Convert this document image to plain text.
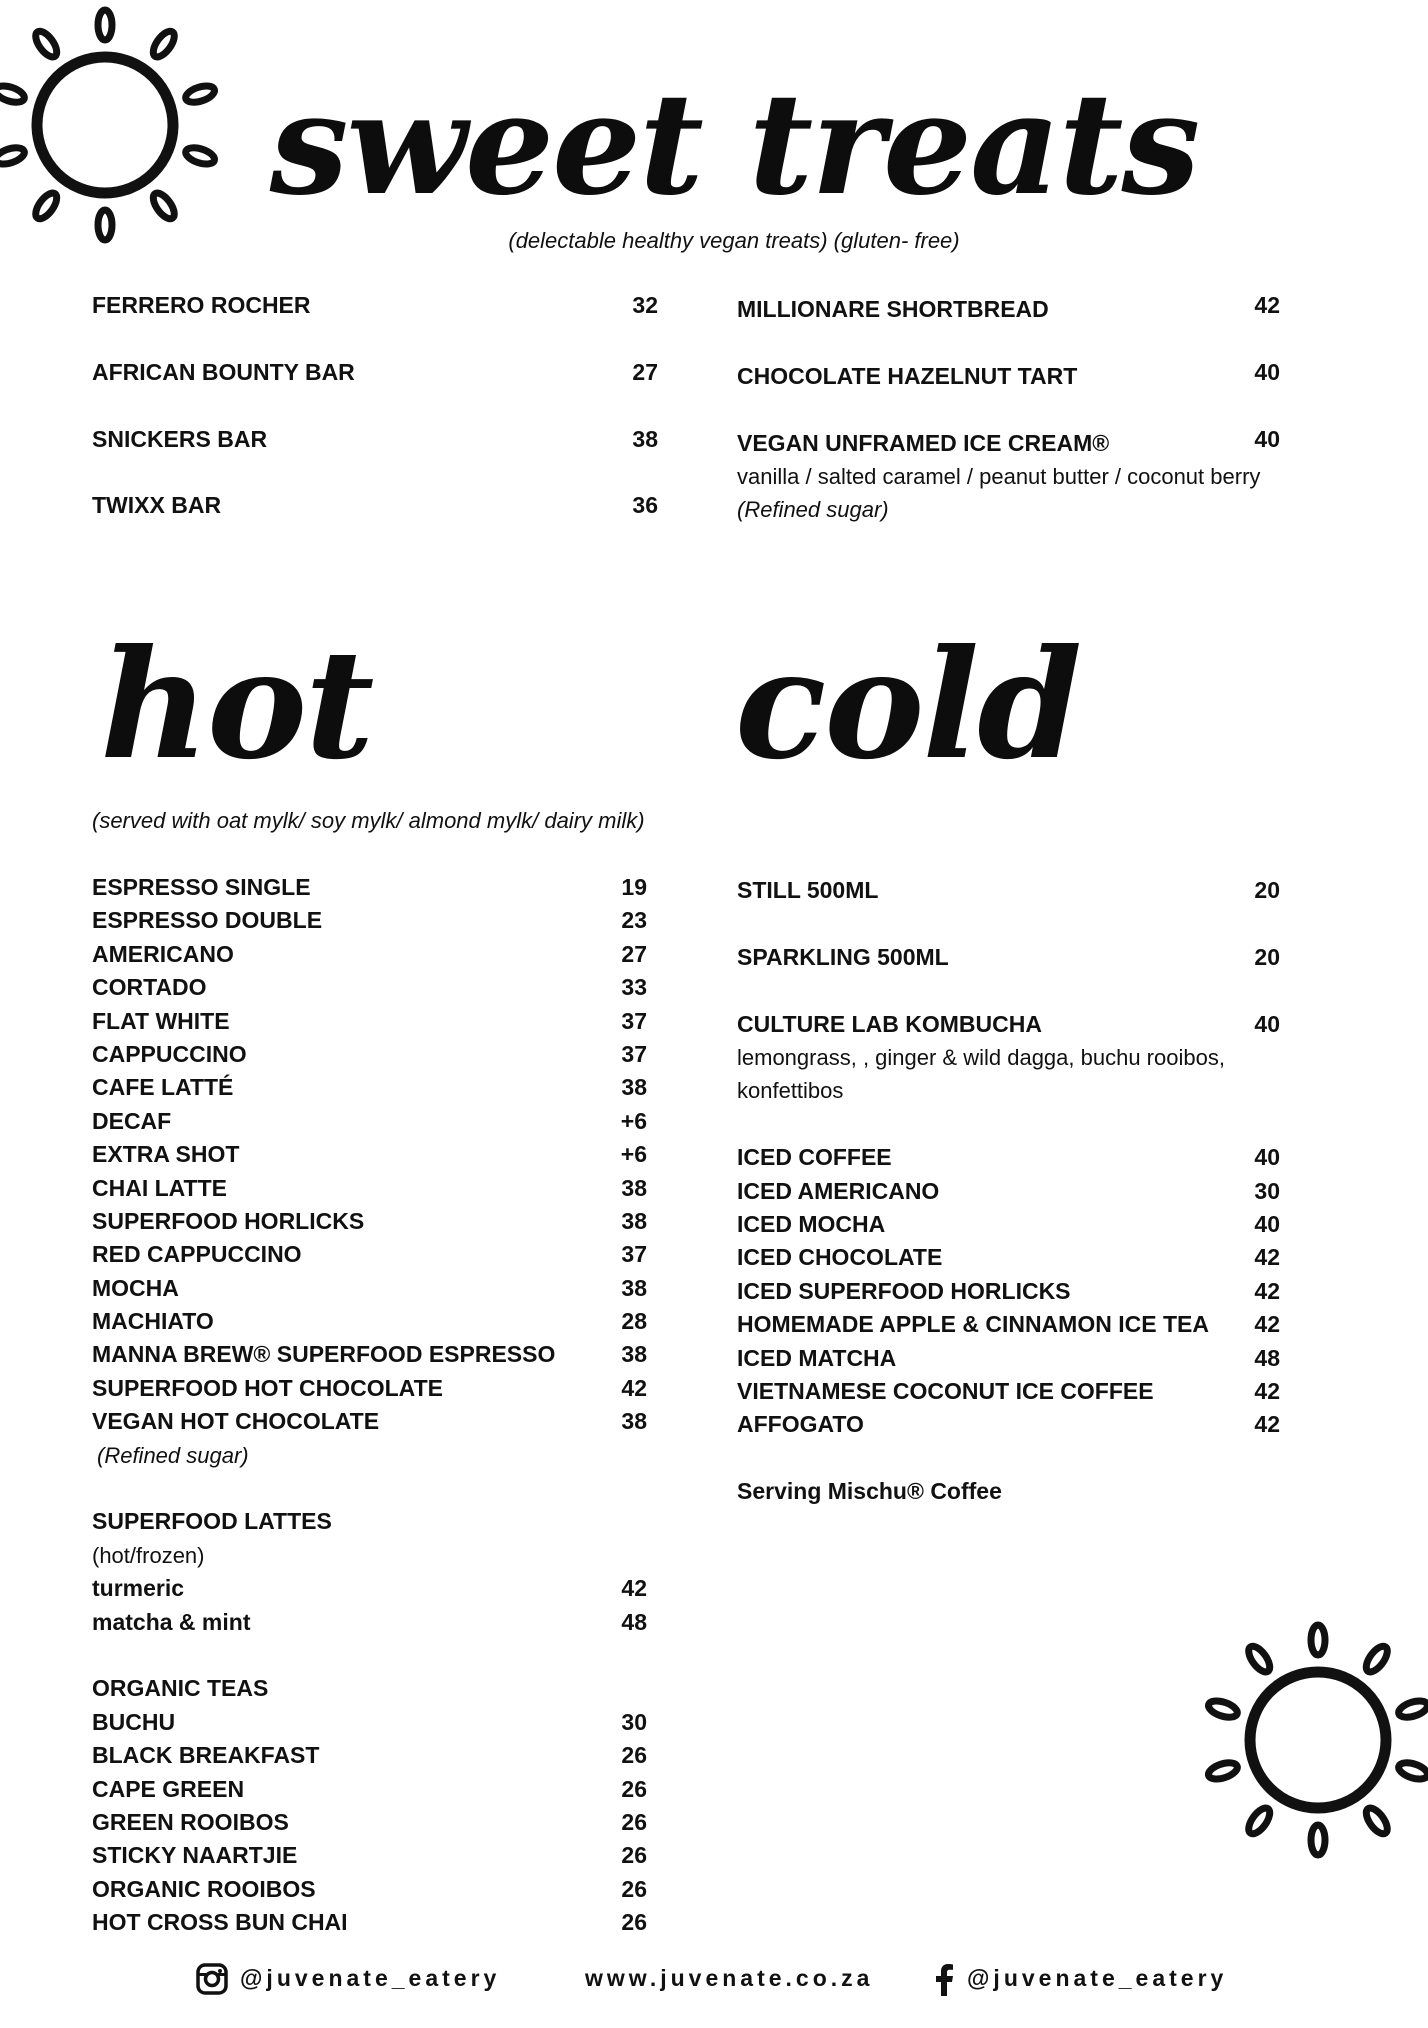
sweet treats
(delectable healthy vegan treats) (gluten- free)
FERRERO ROCHER	32
AFRICAN BOUNTY BAR	27
SNICKERS BAR	38
TWIXX BAR	36
MILLIONARE SHORTBREAD	42
CHOCOLATE HAZELNUT TART	40
VEGAN UNFRAMED ICE CREAM®	40
vanilla / salted caramel / peanut butter / coconut berry
(Refined sugar)
hot
(served with oat mylk/ soy mylk/ almond mylk/ dairy milk)
cold
ESPRESSO SINGLE	19
ESPRESSO DOUBLE	23
AMERICANO	27
CORTADO	33
FLAT WHITE	37
CAPPUCCINO	37
CAFE LATTÉ	38
DECAF	+6
EXTRA SHOT	+6
CHAI LATTE	38
SUPERFOOD HORLICKS	38
RED CAPPUCCINO	37
MOCHA	38
MACHIATO	28
MANNA BREW® SUPERFOOD ESPRESSO	38
SUPERFOOD HOT CHOCOLATE	42
VEGAN HOT CHOCOLATE	38
(Refined sugar)
SUPERFOOD LATTES
(hot/frozen)
turmeric	42
matcha & mint	48
ORGANIC TEAS
BUCHU	30
BLACK BREAKFAST	26
CAPE GREEN	26
GREEN ROOIBOS	26
STICKY NAARTJIE	26
ORGANIC ROOIBOS	26
HOT CROSS BUN CHAI	26
STILL 500ML	20
SPARKLING 500ML	20
CULTURE LAB KOMBUCHA	40
lemongrass, , ginger & wild dagga, buchu rooibos, konfettibos
ICED COFFEE	40
ICED AMERICANO	30
ICED MOCHA	40
ICED CHOCOLATE	42
ICED SUPERFOOD HORLICKS	42
HOMEMADE APPLE & CINNAMON ICE TEA 42
ICED MATCHA	48
VIETNAMESE COCONUT ICE COFFEE	42
AFFOGATO	42
Serving Mischu® Coffee
@juvenate_eatery	www.juvenate.co.za	@juvenate_eatery
